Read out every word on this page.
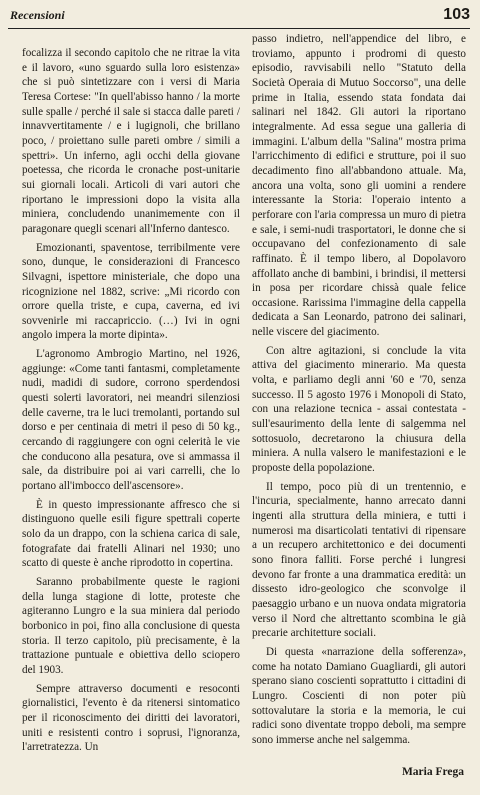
Recensioni	103

focalizza il secondo capitolo che ne ritrae la vita e il lavoro, «uno sguardo sulla loro esistenza» che si può sintetizzare con i versi di Maria Teresa Cortese: "In quell'abisso hanno / la morte sulle spalle / perché il sale si stacca dalle pareti / innavvertitamente / e i lugignoli, che brillano poco, / proiettano sulle pareti ombre / simili a spettri». Un inferno, agli occhi della giovane poetessa, che ricorda le cronache post-unitarie sui giornali locali. Articoli di vari autori che riportano le impressioni dopo la visita alla miniera, concludendo unanimemente con il paragonare quegli scenari all'Inferno dantesco.

Emozionanti, spaventose, terribilmente vere sono, dunque, le considerazioni di Francesco Silvagni, ispettore ministeriale, che dopo una ricognizione nel 1882, scrive: „Mi ricordo con orrore quella triste, e cupa, caverna, ed ivi sovvenirle mi raccapriccio. (…) Ivi in ogni angolo impera la morte dipinta».

L'agronomo Ambrogio Martino, nel 1926, aggiunge: «Come tanti fantasmi, completamente nudi, madidi di sudore, corrono sperdendosi questi solerti lavoratori, nei meandri silenziosi delle caverne, tra le luci tremolanti, portando sul dorso e per centinaia di metri il peso di 50 kg., cercando di raggiungere con ogni celerità le vie che conducono alla pesatura, ove si ammassa il sale, da distribuire poi ai vari carrelli, che lo portano all'imbocco dell'ascensore».

È in questo impressionante affresco che si distinguono quelle esili figure spettrali coperte solo da un drappo, con la schiena carica di sale, fotografate dai fratelli Alinari nel 1930; uno scatto di queste è anche riprodotto in copertina.

Saranno probabilmente queste le ragioni della lunga stagione di lotte, proteste che agiteranno Lungro e la sua miniera dal periodo borbonico in poi, fino alla conclusione di questa storia. Il terzo capitolo, più precisamente, è la trattazione puntuale e obiettiva dello sciopero del 1903.

Sempre attraverso documenti e resoconti giornalistici, l'evento è da ritenersi sintomatico per il riconoscimento dei diritti dei lavoratori, uniti e resistenti contro i soprusi, l'ignoranza, l'arretratezza. Un

passo indietro, nell'appendice del libro, e troviamo, appunto i prodromi di questo episodio, ravvisabili nello "Statuto della Società Operaia di Mutuo Soccorso", una delle prime in Italia, essendo stata fondata dai salinari nel 1842. Gli autori la riportano integralmente. Ad essa segue una galleria di immagini. L'album della "Salina" mostra prima l'arricchimento di edifici e strutture, poi il suo decadimento fino all'abbandono attuale. Ma, ancora una volta, sono gli uomini a rendere interessante la Storia: l'operaio intento a perforare con l'aria compressa un muro di pietra e sale, i semi-nudi trasportatori, le donne che si occupavano del confezionamento di sale raffinato. È il tempo libero, al Dopolavoro affollato anche di bambini, i brindisi, il mettersi in posa per ricordare chissà quale felice occasione. Rarissima l'immagine della cappella dedicata a San Leonardo, patrono dei salinari, nelle viscere del giacimento.

Con altre agitazioni, si conclude la vita attiva del giacimento minerario. Ma questa volta, e parliamo degli anni '60 e '70, senza successo. Il 5 agosto 1976 i Monopoli di Stato, con una relazione tecnica - assai contestata - sull'esaurimento della lente di salgemma nel sottosuolo, decretarono la chiusura della miniera. A nulla valsero le manifestazioni e le proposte della popolazione.

Il tempo, poco più di un trentennio, e l'incuria, specialmente, hanno arrecato danni ingenti alla struttura della miniera, e tutti i numerosi ma disarticolati tentativi di ripensare a un recupero architettonico e dei documenti sono finora falliti. Forse perché i lungresi devono far fronte a una drammatica eredità: un dissesto idro-geologico che sconvolge il paesaggio urbano e un nuova ondata migratoria verso il Nord che altrettanto scombina le già precarie architetture sociali.

Di questa «narrazione della sofferenza», come ha notato Damiano Guagliardi, gli autori sperano siano coscienti soprattutto i cittadini di Lungro. Coscienti di non poter più sottovalutare la storia e la memoria, le cui radici sono diventate troppo deboli, ma sempre sono immerse anche nel salgemma.

Maria Frega
